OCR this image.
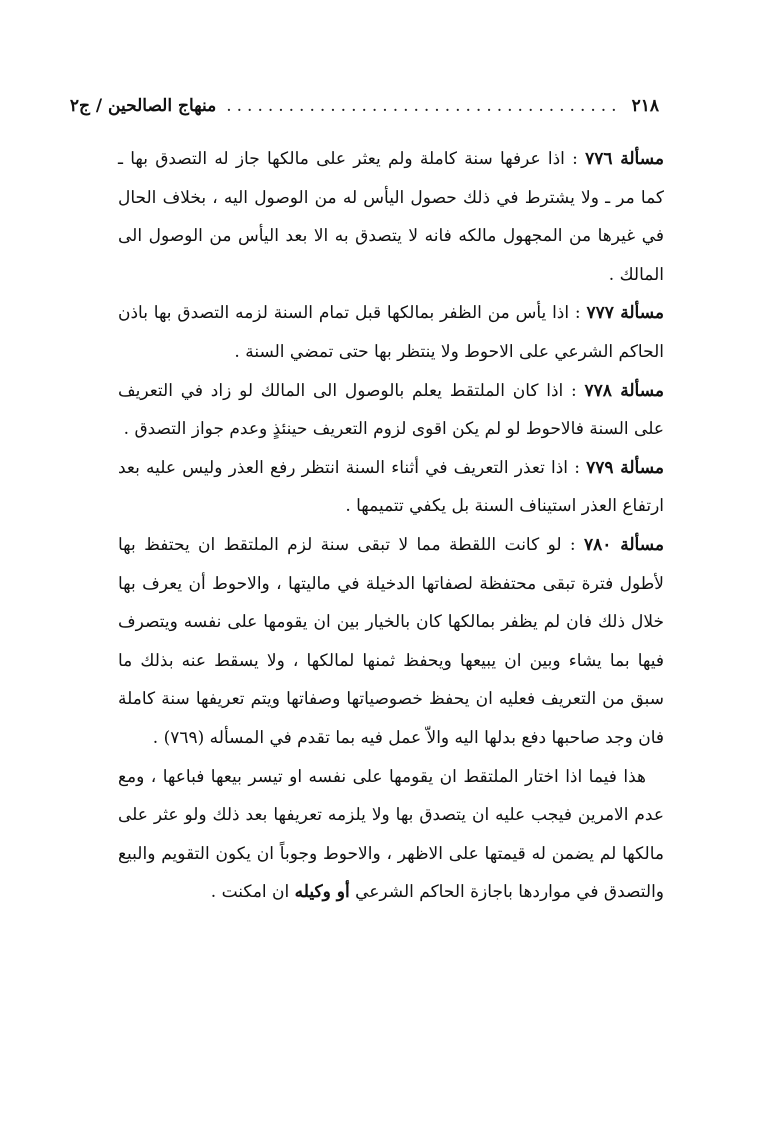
٢١٨
......................................
منهاج الصالحين / ج٢

مسألة ٧٧٦ : اذا عرفها سنة كاملة ولم يعثر على مالكها جاز له التصدق بها ـ كما مر ـ ولا يشترط في ذلك حصول اليأس له من الوصول اليه ، بخلاف الحال في غيرها من المجهول مالكه فانه لا يتصدق به الا بعد اليأس من الوصول الى المالك .

مسألة ٧٧٧ : اذا يأس من الظفر بمالكها قبل تمام السنة لزمه التصدق بها باذن الحاكم الشرعي على الاحوط ولا ينتظر بها حتى تمضي السنة .

مسألة ٧٧٨ : اذا كان الملتقط يعلم بالوصول الى المالك لو زاد في التعريف على السنة فالاحوط لو لم يكن اقوى لزوم التعريف حينئذٍ وعدم جواز التصدق .

مسألة ٧٧٩ : اذا تعذر التعريف في أثناء السنة انتظر رفع العذر وليس عليه بعد ارتفاع العذر استيناف السنة بل يكفي تتميمها .

مسألة ٧٨٠ : لو كانت اللقطة مما لا تبقى سنة لزم الملتقط ان يحتفظ بها لأطول فترة تبقى محتفظة لصفاتها الدخيلة في ماليتها ، والاحوط أن يعرف بها خلال ذلك فان لم يظفر بمالكها كان بالخيار بين ان يقومها على نفسه ويتصرف فيها بما يشاء وبين ان يبيعها ويحفظ ثمنها لمالكها ، ولا يسقط عنه بذلك ما سبق من التعريف فعليه ان يحفظ خصوصياتها وصفاتها ويتم تعريفها سنة كاملة فان وجد صاحبها دفع بدلها اليه والاّ عمل فيه بما تقدم في المسأله (٧٦٩) .

هذا فيما اذا اختار الملتقط ان يقومها على نفسه او تيسر بيعها فباعها ، ومع عدم الامرين فيجب عليه ان يتصدق بها ولا يلزمه تعريفها بعد ذلك ولو عثر على مالكها لم يضمن له قيمتها على الاظهر ، والاحوط وجوباً ان يكون التقويم والبيع والتصدق في مواردها باجازة الحاكم الشرعي أو وكيله ان امكنت .
